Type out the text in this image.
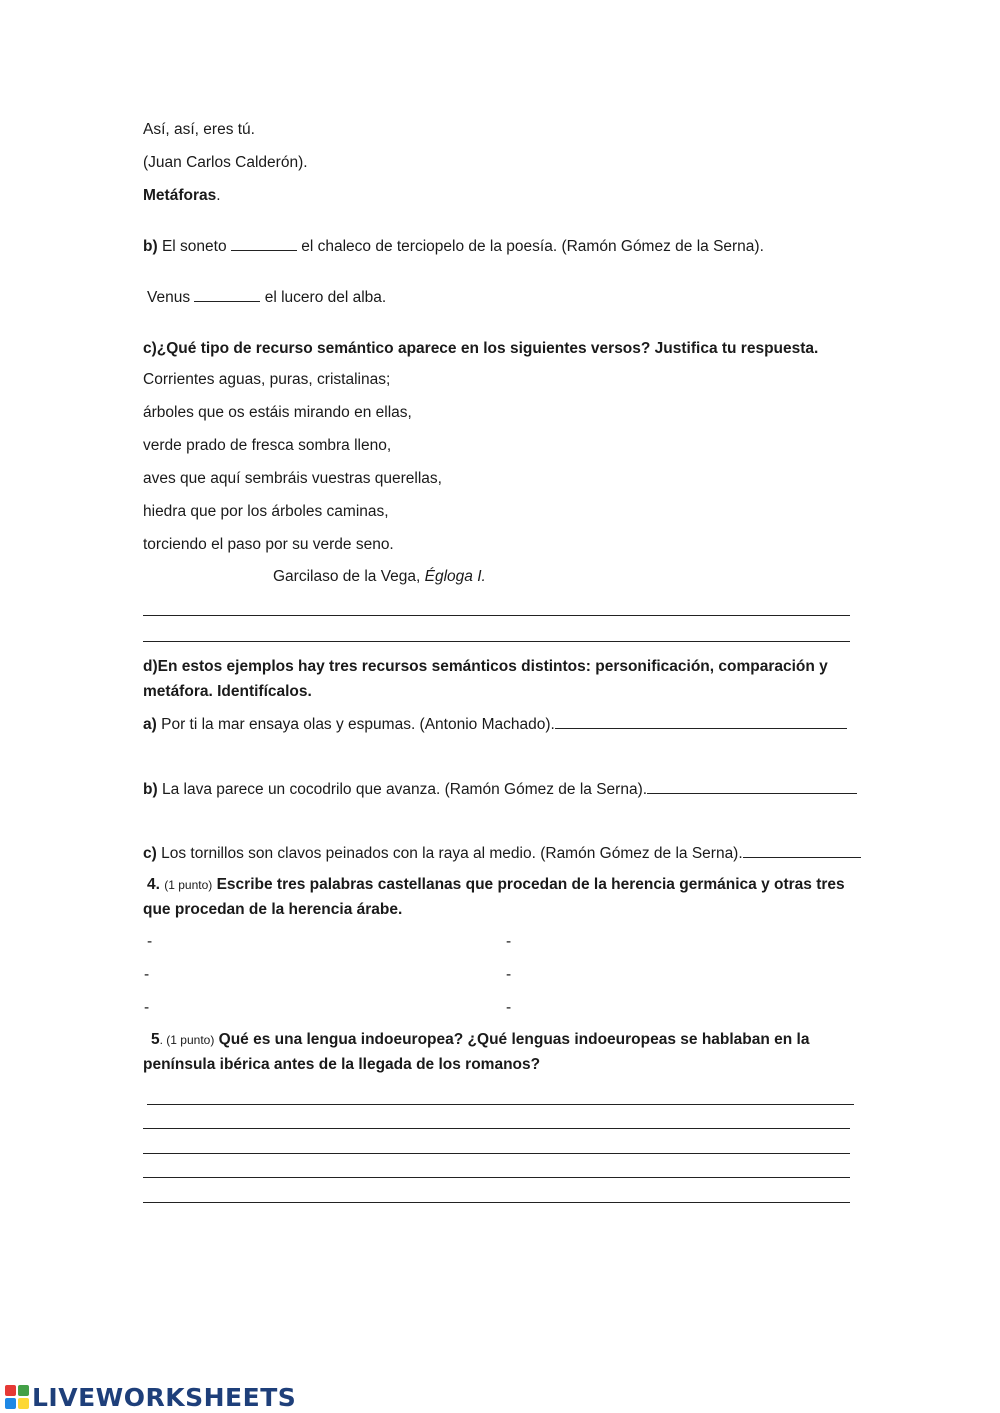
Así, así, eres tú.
(Juan Carlos Calderón).
Metáforas.
b) El soneto	el chaleco de terciopelo de la poesía. (Ramón Gómez de la Serna).
Venus	el lucero del alba.
c)¿Qué tipo de recurso semántico aparece en los siguientes versos? Justifica tu respuesta.
Corrientes aguas, puras, cristalinas;
árboles que os estáis mirando en ellas,
verde prado de fresca sombra lleno,
aves que aquí sembráis vuestras querellas,
hiedra que por los árboles caminas,
torciendo el paso por su verde seno.
Garcilaso de la Vega, Égloga I.
d)En estos ejemplos hay tres recursos semánticos distintos: personificación, comparación y
metáfora. Identifícalos.
a) Por ti la mar ensaya olas y espumas. (Antonio Machado).
b) La lava parece un cocodrilo que avanza. (Ramón Gómez de la Serna).
c) Los tornillos son clavos peinados con la raya al medio. (Ramón Gómez de la Serna).
4. (1 punto) Escribe tres palabras castellanas que procedan de la herencia germánica y otras tres
que procedan de la herencia árabe.
-	-
-	-
-	-
5. (1 punto) Qué es una lengua indoeuropea? ¿Qué lenguas indoeuropeas se hablaban en la
península ibérica antes de la llegada de los romanos?
LIVEWORKSHEETS
